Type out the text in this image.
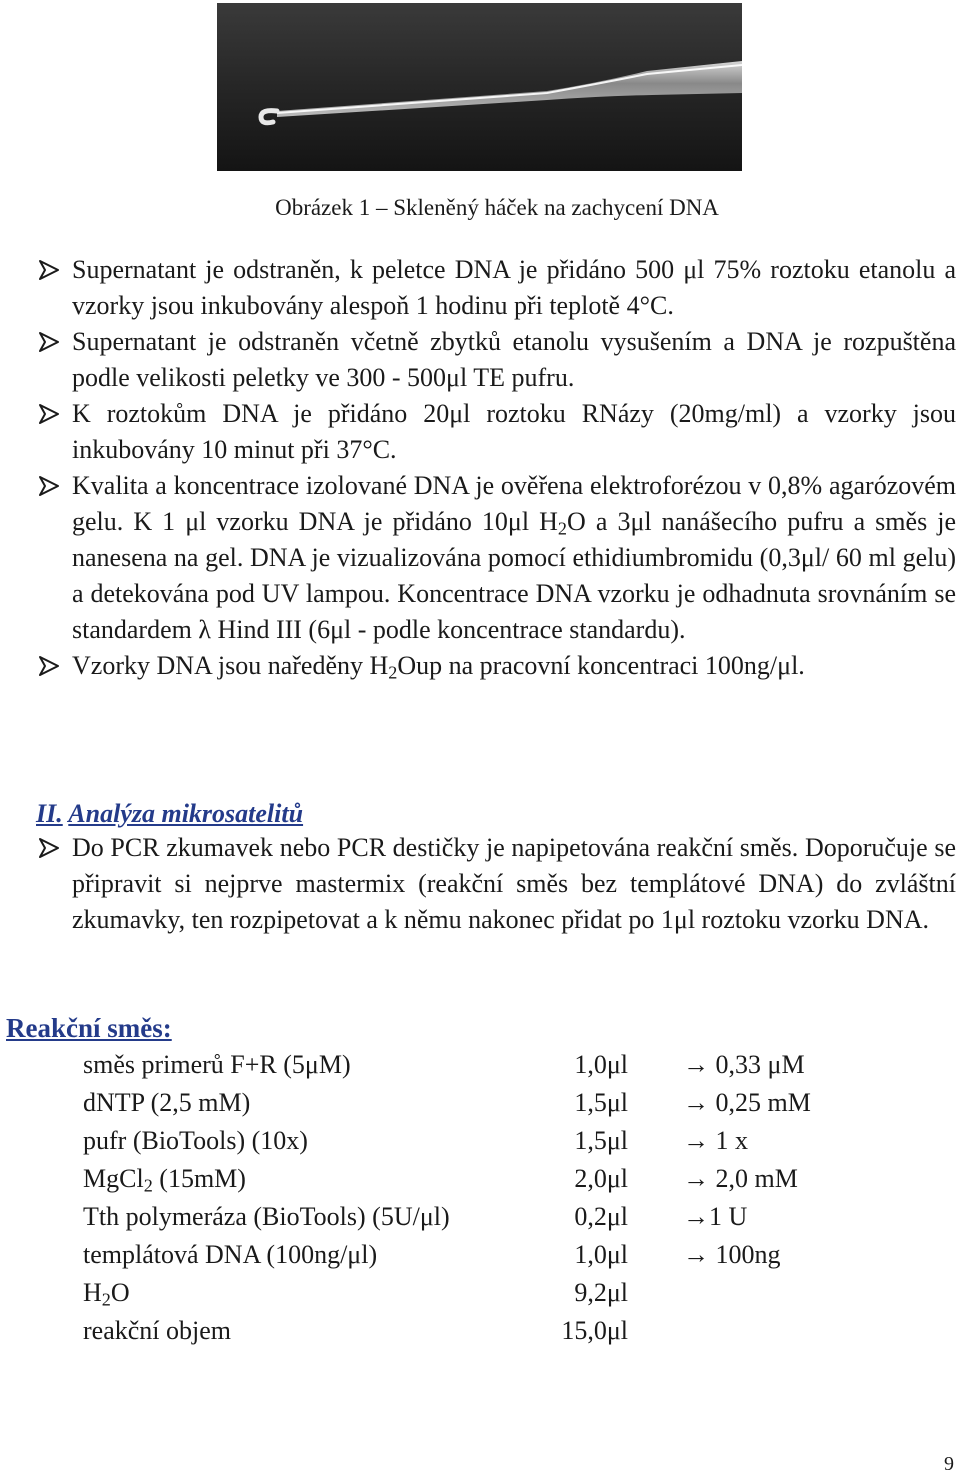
Obrázek 1 – Skleněný háček na zachycení DNA
Supernatant je odstraněn, k peletce DNA je přidáno 500 μl 75% roztoku etanolu a vzorky jsou inkubovány alespoň 1 hodinu při teplotě 4°C.
Supernatant je odstraněn včetně zbytků etanolu vysušením a DNA je rozpuštěna podle velikosti peletky ve 300 - 500μl TE pufru.
K roztokům DNA je přidáno 20μl roztoku RNázy (20mg/ml) a vzorky jsou inkubovány 10 minut při 37°C.
Kvalita a koncentrace izolované DNA je ověřena elektroforézou v 0,8% agarózovém gelu. K 1 μl vzorku DNA je přidáno 10μl $H_2O$ a 3μl nanášecího pufru a směs je nanesena na gel. DNA je vizualizována pomocí ethidiumbromidu (0,3μl/ 60 ml gelu) a detekována pod UV lampou. Koncentrace DNA vzorku je odhadnuta srovnáním se standardem λ Hind III (6μl - podle koncentrace standardu).
Vzorky DNA jsou naředěny $H_2Oup$ na pracovní koncentraci 100ng/μl.
II. Analýza mikrosatelitů
Do PCR zkumavek nebo PCR destičky je napipetována reakční směs. Doporučuje se připravit si nejprve mastermix (reakční směs bez templátové DNA) do zvláštní zkumavky, ten rozpipetovat a k němu nakonec přidat po 1μl roztoku vzorku DNA.
Reakční směs:
směs primerů F+R (5μM)	1,0μl → 0,33 μM
dNTP (2,5 mM)	1,5μl → 0,25 mM
pufr (BioTools) (10x)	1,5μl → 1 x
MgCl$_2$ (15mM)	2,0μl → 2,0 mM
Tth polymeráza (BioTools) (5U/μl)	0,2μl →1 U
templátová DNA (100ng/μl)	1,0μl → 100ng
$H_2O$	9,2μl
reakční objem	15,0μl
9
